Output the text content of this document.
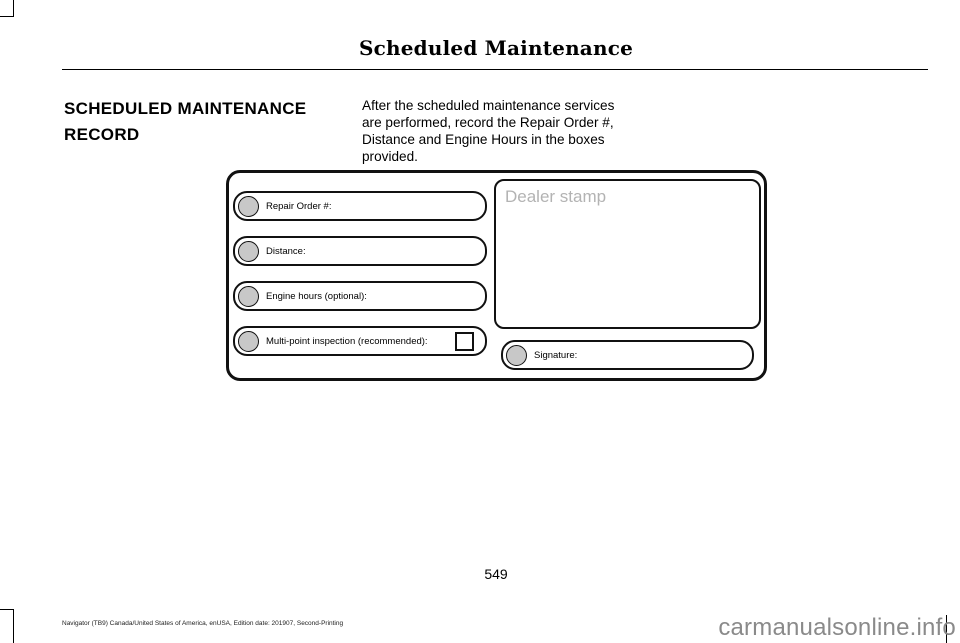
Scheduled Maintenance
SCHEDULED MAINTENANCE
RECORD
After the scheduled maintenance services are performed, record the Repair Order #, Distance and Engine Hours in the boxes provided.
Repair Order #:
Distance:
Engine hours (optional):
Multi-point inspection (recommended):
Dealer stamp
Signature:
549
Navigator (TB9) Canada/United States of America, enUSA, Edition date: 201907, Second-Printing	carmanualsonline.info
